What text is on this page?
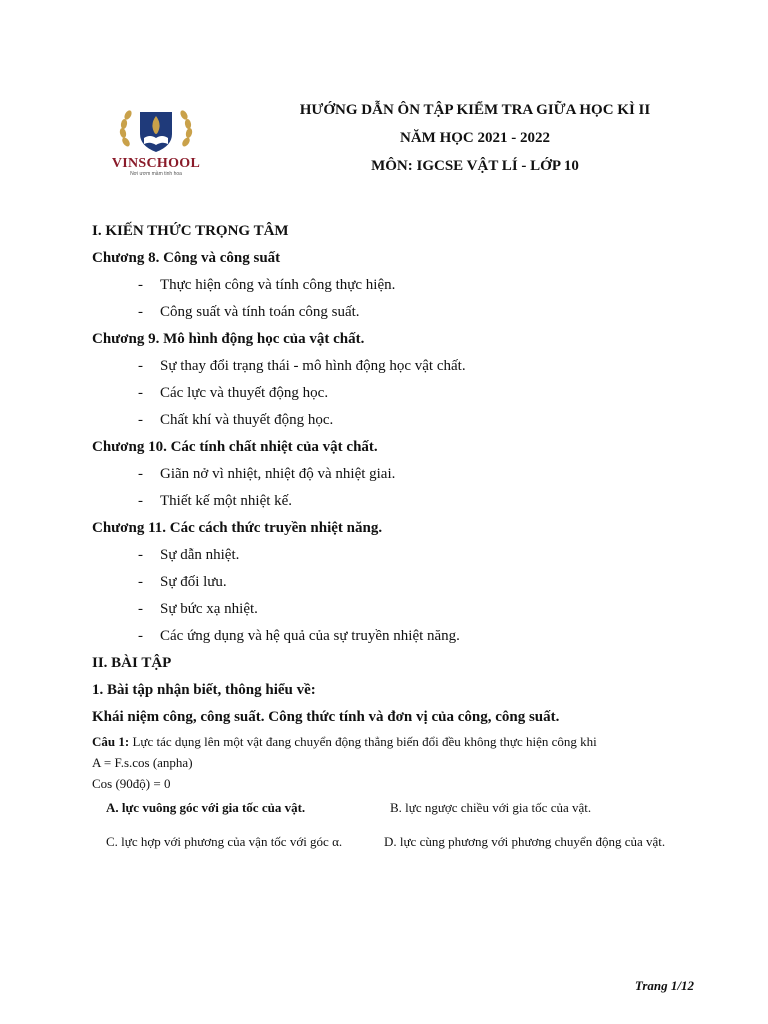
VINSCHOOL
Nơi ươm mầm tinh hoa
HƯỚNG DẪN ÔN TẬP KIỂM TRA GIỮA HỌC KÌ II
NĂM HỌC 2021 - 2022
MÔN: IGCSE VẬT LÍ - LỚP 10
I. KIẾN THỨC TRỌNG TÂM
Chương 8. Công và công suất
- Thực hiện công và tính công thực hiện.
- Công suất và tính toán công suất.
Chương 9. Mô hình động học của vật chất.
- Sự thay đổi trạng thái - mô hình động học vật chất.
- Các lực và thuyết động học.
- Chất khí và thuyết động học.
Chương 10. Các tính chất nhiệt của vật chất.
- Giãn nở vì nhiệt, nhiệt độ và nhiệt giai.
- Thiết kế một nhiệt kế.
Chương 11. Các cách thức truyền nhiệt năng.
- Sự dẫn nhiệt.
- Sự đối lưu.
- Sự bức xạ nhiệt.
- Các ứng dụng và hệ quả của sự truyền nhiệt năng.
II. BÀI TẬP
1. Bài tập nhận biết, thông hiểu về:
Khái niệm công, công suất. Công thức tính và đơn vị của công, công suất.
Câu 1: Lực tác dụng lên một vật đang chuyển động thẳng biến đổi đều không thực hiện công khi
A = F.s.cos (anpha)
Cos (90độ) = 0
A. lực vuông góc với gia tốc của vật.	B. lực ngược chiều với gia tốc của vật.
C. lực hợp với phương của vận tốc với góc α.	D. lực cùng phương với phương chuyển động của vật.
Trang 1/12
